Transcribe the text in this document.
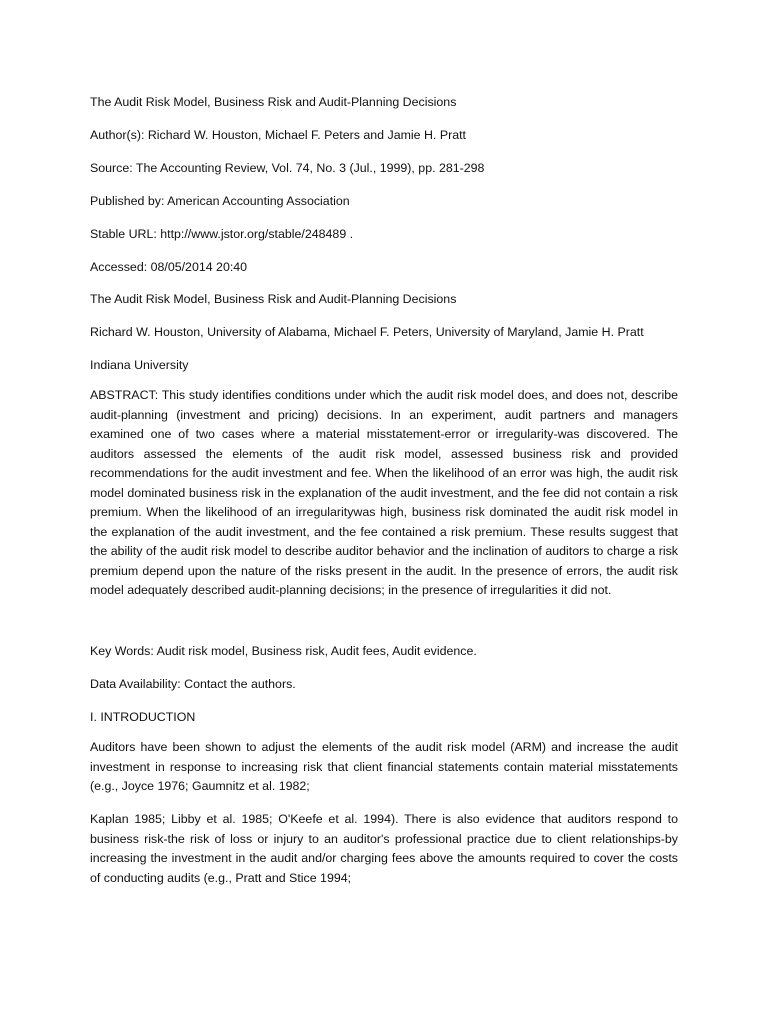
The Audit Risk Model, Business Risk and Audit-Planning Decisions
Author(s): Richard W. Houston, Michael F. Peters and Jamie H. Pratt
Source: The Accounting Review, Vol. 74, No. 3 (Jul., 1999), pp. 281-298
Published by: American Accounting Association
Stable URL: http://www.jstor.org/stable/248489 .
Accessed: 08/05/2014 20:40
The Audit Risk Model, Business Risk and Audit-Planning Decisions
Richard W. Houston, University of Alabama, Michael F. Peters, University of Maryland, Jamie H. Pratt
Indiana University
ABSTRACT: This study identifies conditions under which the audit risk model does, and does not, describe audit-planning (investment and pricing) decisions. In an experiment, audit partners and managers examined one of two cases where a material misstatement-error or irregularity-was discovered. The auditors assessed the elements of the audit risk model, assessed business risk and provided recommendations for the audit investment and fee. When the likelihood of an error was high, the audit risk model dominated business risk in the explanation of the audit investment, and the fee did not contain a risk premium. When the likelihood of an irregularitywas high, business risk dominated the audit risk model in the explanation of the audit investment, and the fee contained a risk premium. These results suggest that the ability of the audit risk model to describe auditor behavior and the inclination of auditors to charge a risk premium depend upon the nature of the risks present in the audit. In the presence of errors, the audit risk model adequately described audit-planning decisions; in the presence of irregularities it did not.
Key Words: Audit risk model, Business risk, Audit fees, Audit evidence.
Data Availability: Contact the authors.
I. INTRODUCTION
Auditors have been shown to adjust the elements of the audit risk model (ARM) and increase the audit investment in response to increasing risk that client financial statements contain material misstatements (e.g., Joyce 1976; Gaumnitz et al. 1982;
Kaplan 1985; Libby et al. 1985; O'Keefe et al. 1994). There is also evidence that auditors respond to business risk-the risk of loss or injury to an auditor's professional practice due to client relationships-by increasing the investment in the audit and/or charging fees above the amounts required to cover the costs of conducting audits (e.g., Pratt and Stice 1994;
